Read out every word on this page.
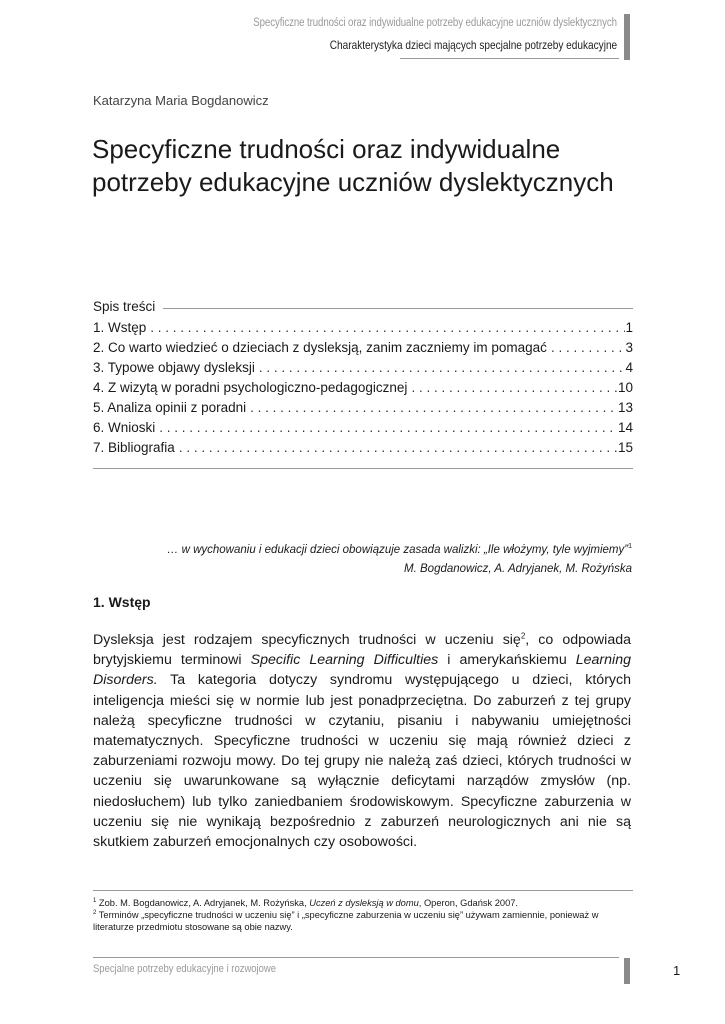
Specyficzne trudności oraz indywidualne potrzeby edukacyjne uczniów dyslektycznych
Charakterystyka dzieci mających specjalne potrzeby edukacyjne
Katarzyna Maria Bogdanowicz
Specyficzne trudności oraz indywidualne potrzeby edukacyjne uczniów dyslektycznych
Spis treści
1. Wstęp . . .	1
2. Co warto wiedzieć o dzieciach z dysleksją, zanim zaczniemy im pomagać . . .	3
3. Typowe objawy dysleksji . . .	4
4. Z wizytą w poradni psychologiczno-pedagogicznej . . .	10
5. Analiza opinii z poradni . . .	13
6. Wnioski . . .	14
7. Bibliografia . . .	15
… w wychowaniu i edukacji dzieci obowiązuje zasada walizki: „Ile włożymy, tyle wyjmiemy”$^1$
M. Bogdanowicz, A. Adryjanek, M. Rożyńska
1. Wstęp

Dysleksja jest rodzajem specyficznych trudności w uczeniu się$^2$, co odpowiada brytyjskiemu terminowi Specific Learning Difficulties i amerykańskiemu Learning Disorders. Ta kategoria dotyczy syndromu występującego u dzieci, których inteligencja mieści się w normie lub jest ponadprzeciętna. Do zaburzeń z tej grupy należą specyficzne trudności w czytaniu, pisaniu i nabywaniu umiejętności matematycznych. Specyficzne trudności w uczeniu się mają również dzieci z zaburzeniami rozwoju mowy. Do tej grupy nie należą zaś dzieci, których trudności w uczeniu się uwarunkowane są wyłącznie deficytami narządów zmysłów (np. niedosłuchem) lub tylko zaniedbaniem środowiskowym. Specyficzne zaburzenia w uczeniu się nie wynikają bezpośrednio z zaburzeń neurologicznych ani nie są skutkiem zaburzeń emocjonalnych czy osobowości.

$^1$ Zob. M. Bogdanowicz, A. Adryjanek, M. Rożyńska, Uczeń z dysleksją w domu, Operon, Gdańsk 2007.
$^2$ Terminów „specyficzne trudności w uczeniu się” i „specyficzne zaburzenia w uczeniu się” używam zamiennie, ponieważ w literaturze przedmiotu stosowane są obie nazwy.
Specjalne potrzeby edukacyjne i rozwojowe	1
